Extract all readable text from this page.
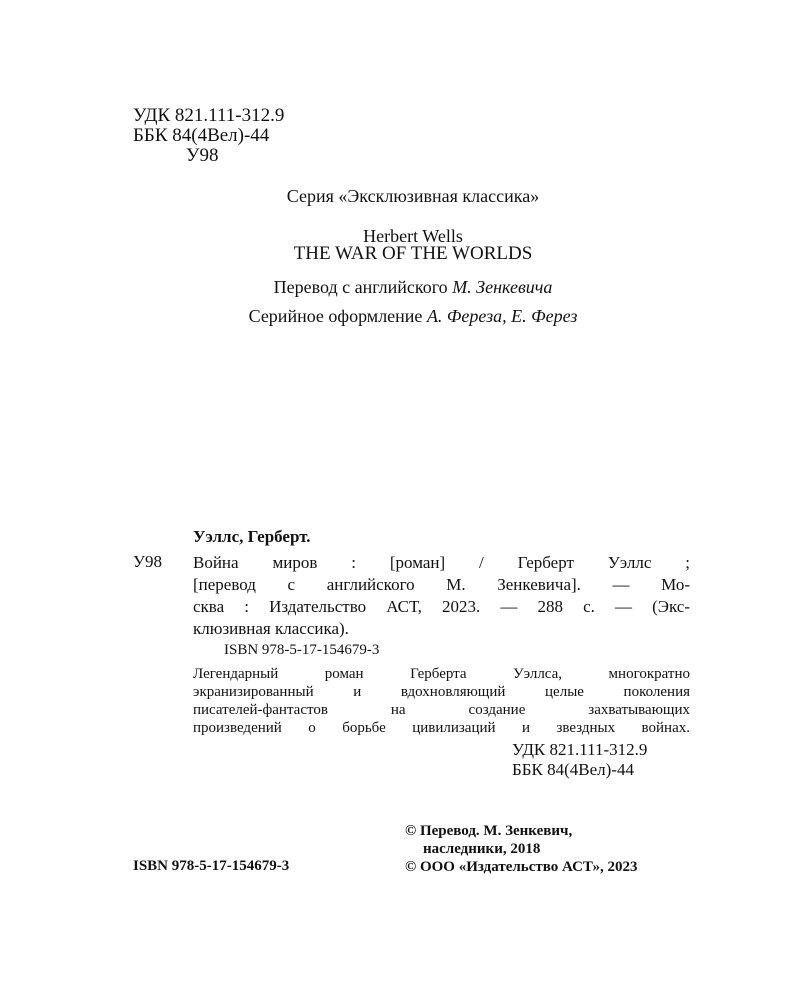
УДК 821.111-312.9
ББК 84(4Вел)-44
У98
Серия «Эксклюзивная классика»
Herbert Wells
THE WAR OF THE WORLDS
Перевод с английского М. Зенкевича
Серийное оформление А. Фереза, Е. Ферез
Уэллс, Герберт.
У98 Война миров : [роман] / Герберт Уэллс ;
[перевод с английского М. Зенкевича]. — Мо-
сква : Издательство АСТ, 2023. — 288 с. — (Экс-
клюзивная классика).
ISBN 978-5-17-154679-3
Легендарный роман Герберта Уэллса, многократно
экранизированный и вдохновляющий целые поколения
писателей-фантастов на создание захватывающих
произведений о борьбе цивилизаций и звездных войнах.
УДК 821.111-312.9
ББК 84(4Вел)-44
© Перевод. М. Зенкевич,
наследники, 2018
© ООО «Издательство АСТ», 2023
ISBN 978-5-17-154679-3
